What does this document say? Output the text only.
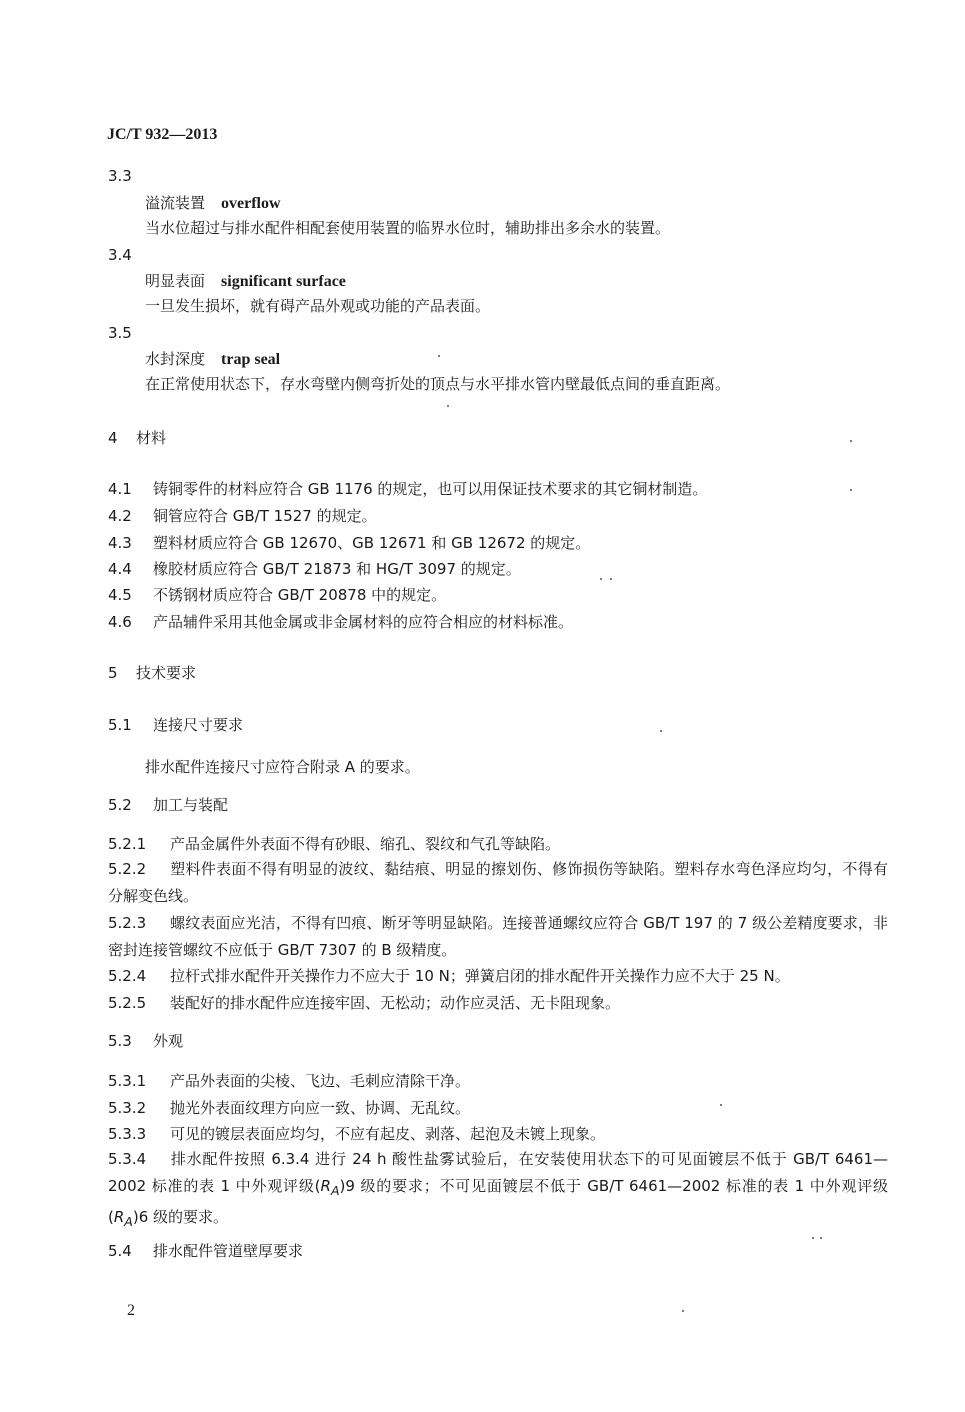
JC/T 932—2013
3.3
溢流装置 overflow
当水位超过与排水配件相配套使用装置的临界水位时，辅助排出多余水的装置。
3.4
明显表面 significant surface
一旦发生损坏，就有碍产品外观或功能的产品表面。
3.5
水封深度 trap seal
在正常使用状态下，存水弯壁内侧弯折处的顶点与水平排水管内壁最低点间的垂直距离。
4 材料
4.1 铸铜零件的材料应符合 GB 1176 的规定，也可以用保证技术要求的其它铜材制造。
4.2 铜管应符合 GB/T 1527 的规定。
4.3 塑料材质应符合 GB 12670、GB 12671 和 GB 12672 的规定。
4.4 橡胶材质应符合 GB/T 21873 和 HG/T 3097 的规定。
4.5 不锈钢材质应符合 GB/T 20878 中的规定。
4.6 产品辅件采用其他金属或非金属材料的应符合相应的材料标准。
5 技术要求
5.1 连接尺寸要求
排水配件连接尺寸应符合附录 A 的要求。
5.2 加工与装配
5.2.1 产品金属件外表面不得有砂眼、缩孔、裂纹和气孔等缺陷。
5.2.2 塑料件表面不得有明显的波纹、黏结痕、明显的擦划伤、修饰损伤等缺陷。塑料存水弯色泽应均匀，不得有分解变色线。
5.2.3 螺纹表面应光洁，不得有凹痕、断牙等明显缺陷。连接普通螺纹应符合 GB/T 197 的 7 级公差精度要求，非密封连接管螺纹不应低于 GB/T 7307 的 B 级精度。
5.2.4 拉杆式排水配件开关操作力不应大于 10 N；弹簧启闭的排水配件开关操作力应不大于 25 N。
5.2.5 装配好的排水配件应连接牢固、无松动；动作应灵活、无卡阻现象。
5.3 外观
5.3.1 产品外表面的尖棱、飞边、毛刺应清除干净。
5.3.2 抛光外表面纹理方向应一致、协调、无乱纹。
5.3.3 可见的镀层表面应均匀，不应有起皮、剥落、起泡及未镀上现象。
5.3.4 排水配件按照 6.3.4 进行 24 h 酸性盐雾试验后，在安装使用状态下的可见面镀层不低于 GB/T 6461—2002 标准的表 1 中外观评级$(R_A)9$ 级的要求；不可见面镀层不低于 GB/T 6461—2002 标准的表 1 中外观评级$(R_A)6$ 级的要求。
5.4 排水配件管道壁厚要求
2
